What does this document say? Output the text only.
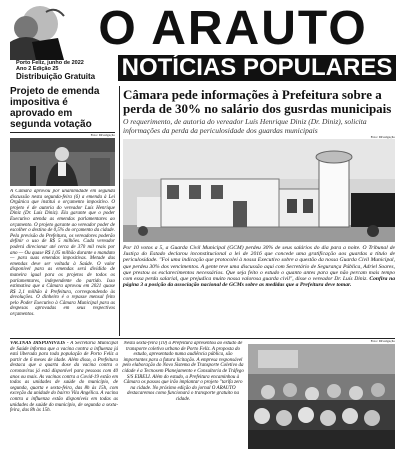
O ARAUTO
Porto Feliz, junho de 2022
Ano 2 Edição 25
Distribuição Gratuita NOTÍCIAS POPULARES
Projeto de emenda impositiva é aprovado em segunda votação
Foto: Divulgação
A Câmara aprovou por unanimidade em segunda discussão nesta segunda-feira (6) a emenda à Lei Orgânica que institui o orçamento impositivo. O projeto é de autoria do vereador Luís Henrique Diniz (Dr. Luís Diniz). Ela garante que o poder Executivo atenda as emendas parlamentares ao orçamento. O projeto garante ao vereador poder de escolher o destino de 0,5% do orçamento da cidade. Pela previsão do Prefeitura, os vereadores poderão definir o uso de R$ 5 milhões. Cada vereador poderá direcionar até cerca de 370 mil reais por ano — Ou quase R$ 1,05 milhão durante o mandato — para suas emendas impositivas. Metade das emendas deve ser voltada à Saúde. O valor disponível para as emendas será dividido de maneira igual para os projetos de todos os parlamentares, independente do partido. Isso estimativa que a Câmara aprovou em 2021 quase R$ 2,1 milhão à Prefeitura, correspondendo às devoluções. O dinheiro é o repasse mensal feito pelo Poder Executivo à Câmara Municipal para as despesas aprovadas em seus respectivos orçamentos.
Câmara pede informações à Prefeitura sobre a perda de 30% no salário dos gusrdas municipais
O requerimento, de autoria do vereador Luís Henrique Diniz (Dr. Diniz), solicita informações da perda da periculosidade dos guardas municipais
Foto: Divulgação
Por 10 votos a 5, a Guarda Civil Municipal (GCM) perdeu 30% de seus salários do dia para a noite. O Tribunal de Justiça do Estado declarou inconstitucional a lei de 2016 que concede uma gratificação aos guardas a título de periculosidade. "Foi uma indicação que protocolei à nossa Executivo sobre a questão da nossa Guarda Civil Municipal, que perdeu 30% dos vencimentos. A gente teve uma discussão aqui com Secretário de Segurança Pública, Adriel Soares, que prestou os esclarecimentos necessários. Que seja feito o estudo o quanto antes para que não percam mais tempo com essa perda salarial, que prejudica muito nossa valorosa guarda civil", disse o vereador Dr. Luís Diniz. Confira na página 3 a posição da associação nacional de GCMs sobre as medidas que a Prefeitura deve tomar.
VACINAS DISPONÍVEIS - A Secretaria Municipal de Saúde informa que a vacina contra a influenza já está liberada para toda população de Porto Feliz a partir de 6 meses de idade. Além disso, a Prefeitura destaca que a quarta dose da vacina contra o coronavírus já está disponível para pessoas com 40 anos ou mais. As vacinas contra a Covid-19 estão em todas as unidades de saúde do município, de segunda, quarta e sexta-feira, das 8h às 15h, com exceção da unidade do bairro Vila Angélica. A vacina contra a influenza estão disponíveis em todas as unidades de saúde do município, de segunda a sexta-feira, das 8h às 15h.
Nesta sexta-feira (10) a Prefeitura apresentou ao estudo de transporte coletivo urbano de Porto Feliz. A proposta do estudo, apresentado numa audiência pública, são importantes para a futura licitação. A empresa responsável pelo elaboração do Novo Sistema de Transporte Coletivo da cidade é a Tecnosem Planejamento e Consultoria de Tráfego S/S EIRELI. Além do estudo, a Prefeitura encaminhou à Câmara os passos que irão implantar o projeto "tarifa zero na cidade. No próximo edição do jornal O ARAUTO destacaremos como funcionará o transporte gratuito na cidade.
Foto: Divulgação
